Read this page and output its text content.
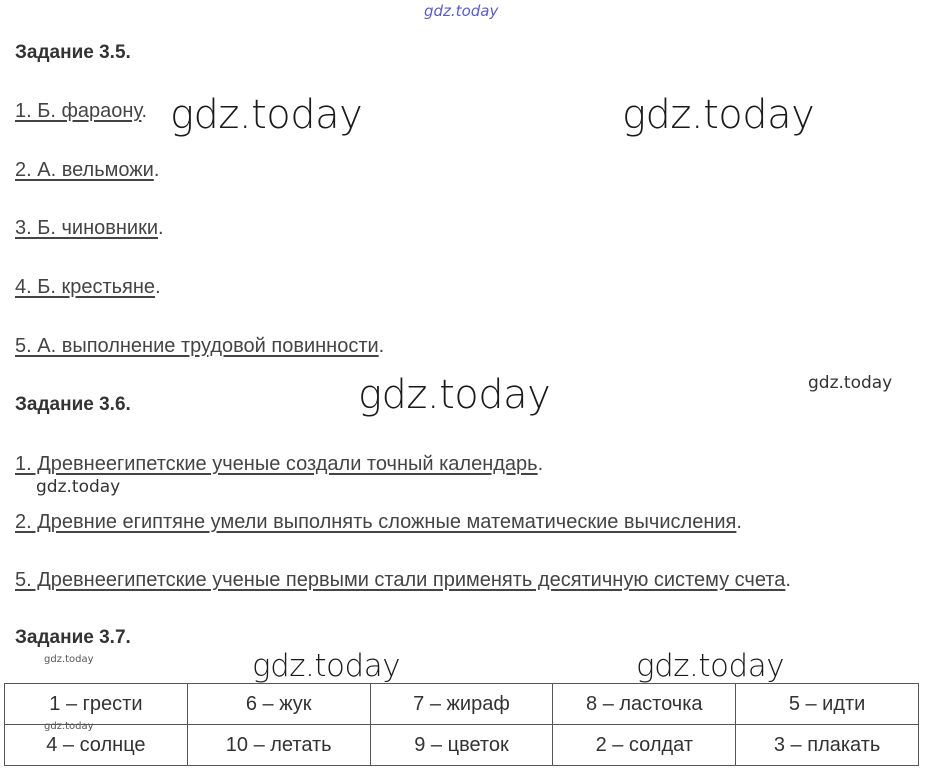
gdz.today
gdz.today	gdz.today
gdz.today
gdz.today	gdz.today
gdz.today
gdz.today
gdz.today
gdz.today
Задание 3.5.
1. Б. фараону.
2. А. вельможи.
3. Б. чиновники.
4. Б. крестьяне.
5. А. выполнение трудовой повинности.
Задание 3.6.
1. Древнеегипетские ученые создали точный календарь.
2. Древние египтяне умели выполнять сложные математические вычисления.
5. Древнеегипетские ученые первыми стали применять десятичную систему счета.
Задание 3.7.
1 – грести	6 – жук	7 – жираф	8 – ласточка	5 – идти
4 – солнце	10 – летать	9 – цветок	2 – солдат	3 – плакать
